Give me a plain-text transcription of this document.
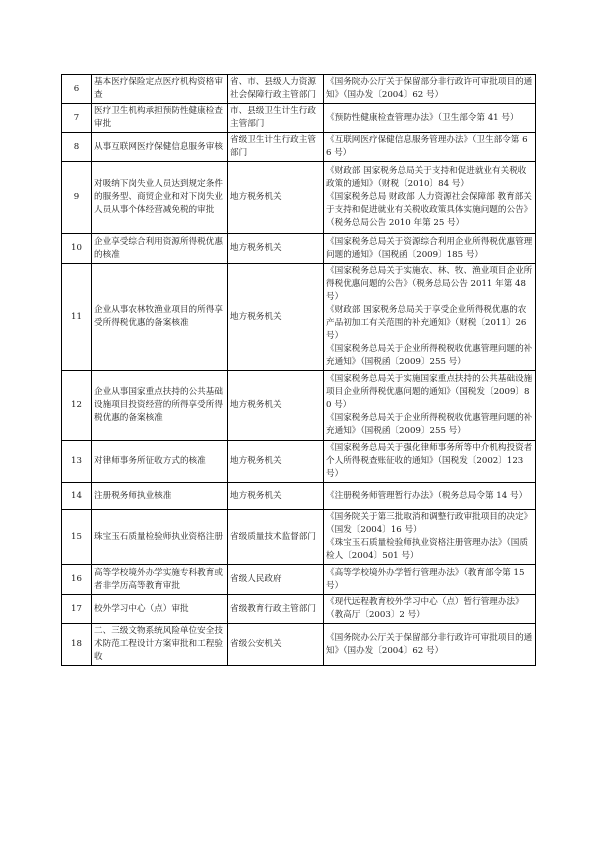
6	基本医疗保险定点医疗机构资格审查	省、市、县级人力资源社会保障行政主管部门	《国务院办公厅关于保留部分非行政许可审批项目的通知》（国办发〔2004〕62 号）

7	医疗卫生机构承担预防性健康检查审批	市、县级卫生计生行政主管部门	《预防性健康检查管理办法》（卫生部令第 41 号）

8	从事互联网医疗保健信息服务审核	省级卫生计生行政主管部门	《互联网医疗保健信息服务管理办法》（卫生部令第 66 号）

9	对吸纳下岗失业人员达到规定条件的服务型、商贸企业和对下岗失业人员从事个体经营减免税的审批	地方税务机关	《财政部 国家税务总局关于支持和促进就业有关税收政策的通知》（财税〔2010〕84 号）

《国家税务总局 财政部 人力资源社会保障部 教育部关于支持和促进就业有关税收政策具体实施问题的公告》（税务总局公告 2010 年第 25 号）

10	企业享受综合利用资源所得税优惠的核准	地方税务机关	《国家税务总局关于资源综合利用企业所得税优惠管理问题的通知》（国税函〔2009〕185 号）

11	企业从事农林牧渔业项目的所得享受所得税优惠的备案核准	地方税务机关	《国家税务总局关于实施农、林、牧、渔业项目企业所得税优惠问题的公告》（税务总局公告 2011 年第 48 号）

《财政部 国家税务总局关于享受企业所得税优惠的农产品初加工有关范围的补充通知》（财税〔2011〕26 号）

《国家税务总局关于企业所得税税收优惠管理问题的补充通知》（国税函〔2009〕255 号）

12	企业从事国家重点扶持的公共基础设施项目投资经营的所得享受所得税优惠的备案核准	地方税务机关	《国家税务总局关于实施国家重点扶持的公共基础设施项目企业所得税优惠问题的通知》（国税发〔2009〕80 号）

《国家税务总局关于企业所得税税收优惠管理问题的补充通知》（国税函〔2009〕255 号）

13	对律师事务所征收方式的核准	地方税务机关	《国家税务总局关于强化律师事务所等中介机构投资者个人所得税查账征收的通知》（国税发〔2002〕123 号）

14	注册税务师执业核准	地方税务机关	《注册税务师管理暂行办法》（税务总局令第 14 号）

15	珠宝玉石质量检验师执业资格注册	省级质量技术监督部门	《国务院关于第三批取消和调整行政审批项目的决定》（国发〔2004〕16 号）

《珠宝玉石质量检验师执业资格注册管理办法》（国质检人〔2004〕501 号）

16	高等学校境外办学实施专科教育或者非学历高等教育审批	省级人民政府	《高等学校境外办学暂行管理办法》（教育部令第 15 号）

17	校外学习中心（点）审批	省级教育行政主管部门	《现代远程教育校外学习中心（点）暂行管理办法》（教高厅〔2003〕2 号）

18	二、三级文物系统风险单位安全技术防范工程设计方案审批和工程验收	省级公安机关	《国务院办公厅关于保留部分非行政许可审批项目的通知》（国办发〔2004〕62 号）
